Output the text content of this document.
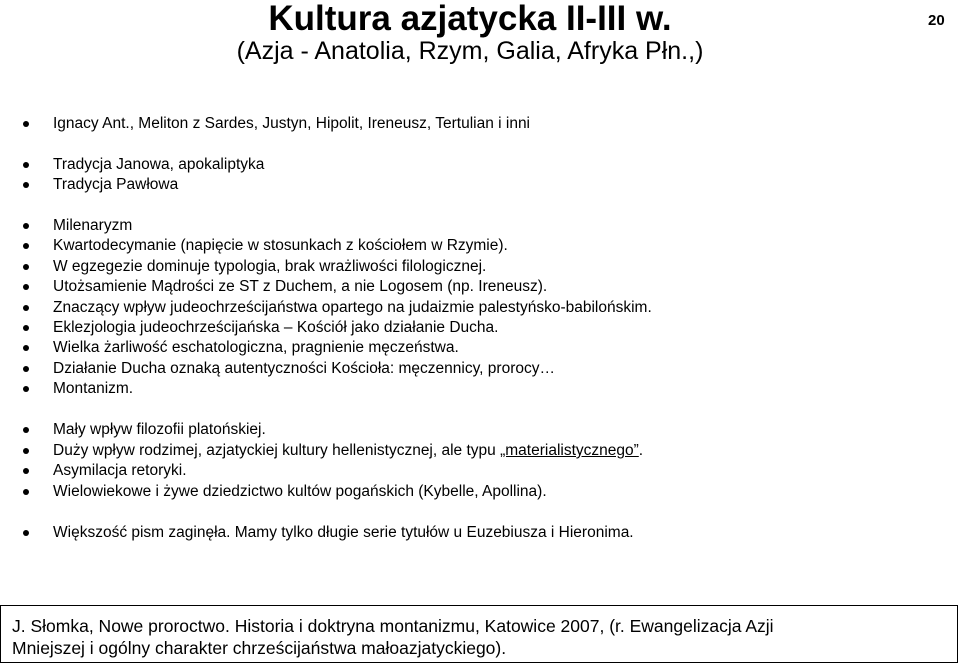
Kultura azjatycka II-III w.
(Azja - Anatolia, Rzym, Galia, Afryka Płn.,)
20
Ignacy Ant., Meliton z Sardes, Justyn, Hipolit, Ireneusz, Tertulian i inni
Tradycja Janowa, apokaliptyka
Tradycja Pawłowa
Milenaryzm
Kwartodecymanie (napięcie w stosunkach z kościołem w Rzymie).
W egzegezie dominuje typologia, brak wrażliwości filologicznej.
Utożsamienie Mądrości ze ST z Duchem, a nie Logosem (np. Ireneusz).
Znaczący wpływ judeochrześcijaństwa opartego na judaizmie palestyńsko-babilońskim.
Eklezjologia judeochrześcijańska – Kościół jako działanie Ducha.
Wielka żarliwość eschatologiczna, pragnienie męczeństwa.
Działanie Ducha oznaką autentyczności Kościoła: męczennicy, prorocy…
Montanizm.
Mały wpływ filozofii platońskiej.
Duży wpływ rodzimej, azjatyckiej kultury hellenistycznej, ale typu „materialistycznego”.
Asymilacja retoryki.
Wielowiekowe i żywe dziedzictwo kultów pogańskich (Kybelle, Apollina).
Większość pism zaginęła. Mamy tylko długie serie tytułów u Euzebiusza i Hieronima.
J. Słomka, Nowe proroctwo. Historia i doktryna montanizmu, Katowice 2007, (r. Ewangelizacja Azji
Mniejszej i ogólny charakter chrześcijaństwa małoazjatyckiego).
